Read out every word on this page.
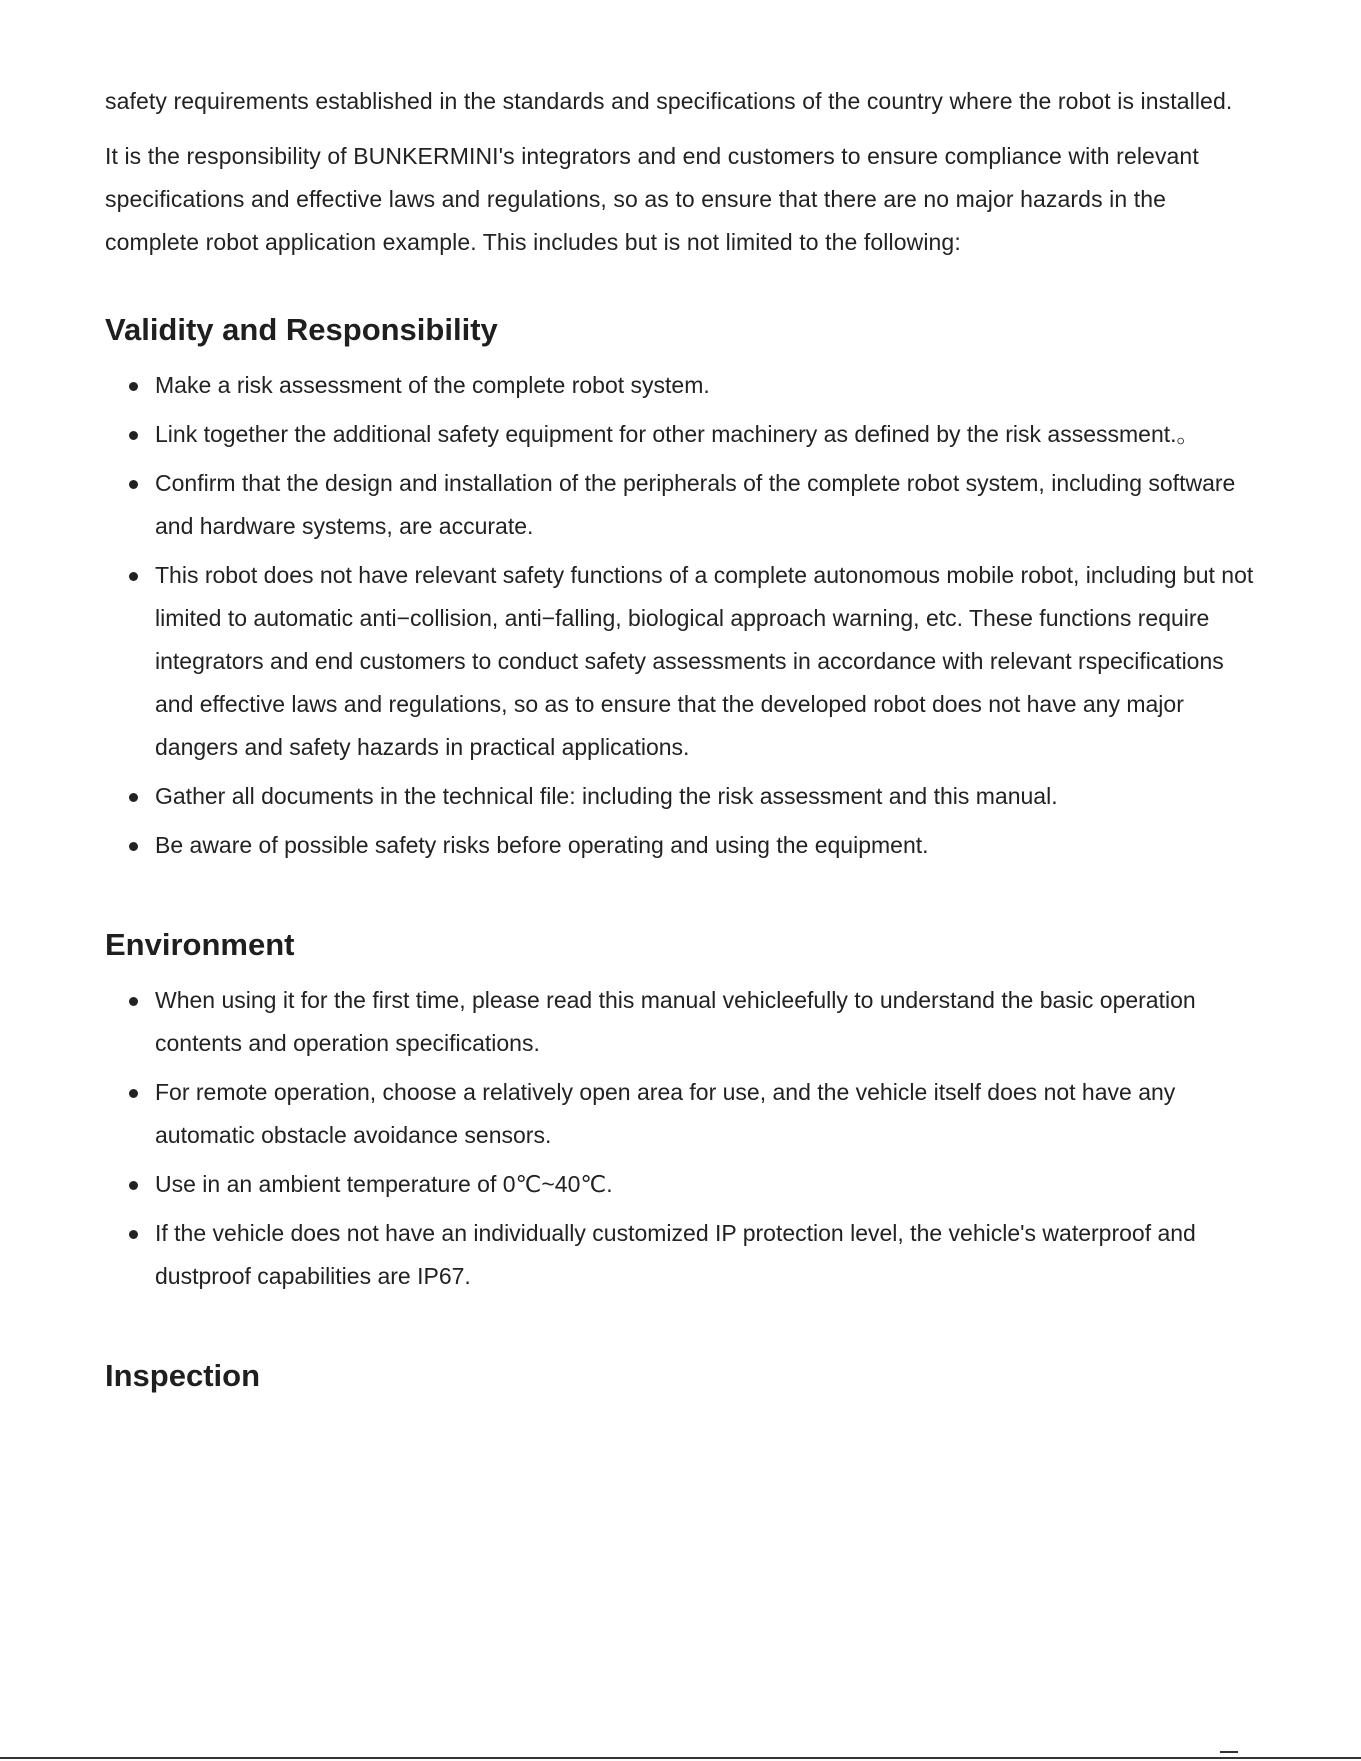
safety requirements established in the standards and specifications of the country where the robot is installed.

It is the responsibility of BUNKERMINI's integrators and end customers to ensure compliance with relevant specifications and effective laws and regulations, so as to ensure that there are no major hazards in the complete robot application example. This includes but is not limited to the following:

Validity and Responsibility
Make a risk assessment of the complete robot system.
Link together the additional safety equipment for other machinery as defined by the risk assessment.。
Confirm that the design and installation of the peripherals of the complete robot system, including software and hardware systems, are accurate.
This robot does not have relevant safety functions of a complete autonomous mobile robot, including but not limited to automatic anti−collision, anti−falling, biological approach warning, etc. These functions require integrators and end customers to conduct safety assessments in accordance with relevant rspecifications and effective laws and regulations, so as to ensure that the developed robot does not have any major dangers and safety hazards in practical applications.
Gather all documents in the technical file: including the risk assessment and this manual.
Be aware of possible safety risks before operating and using the equipment.
Environment
When using it for the first time, please read this manual vehicleefully to understand the basic operation contents and operation specifications.
For remote operation, choose a relatively open area for use, and the vehicle itself does not have any automatic obstacle avoidance sensors.
Use in an ambient temperature of 0℃~40℃.
If the vehicle does not have an individually customized IP protection level, the vehicle's waterproof and dustproof capabilities are IP67.
Inspection
